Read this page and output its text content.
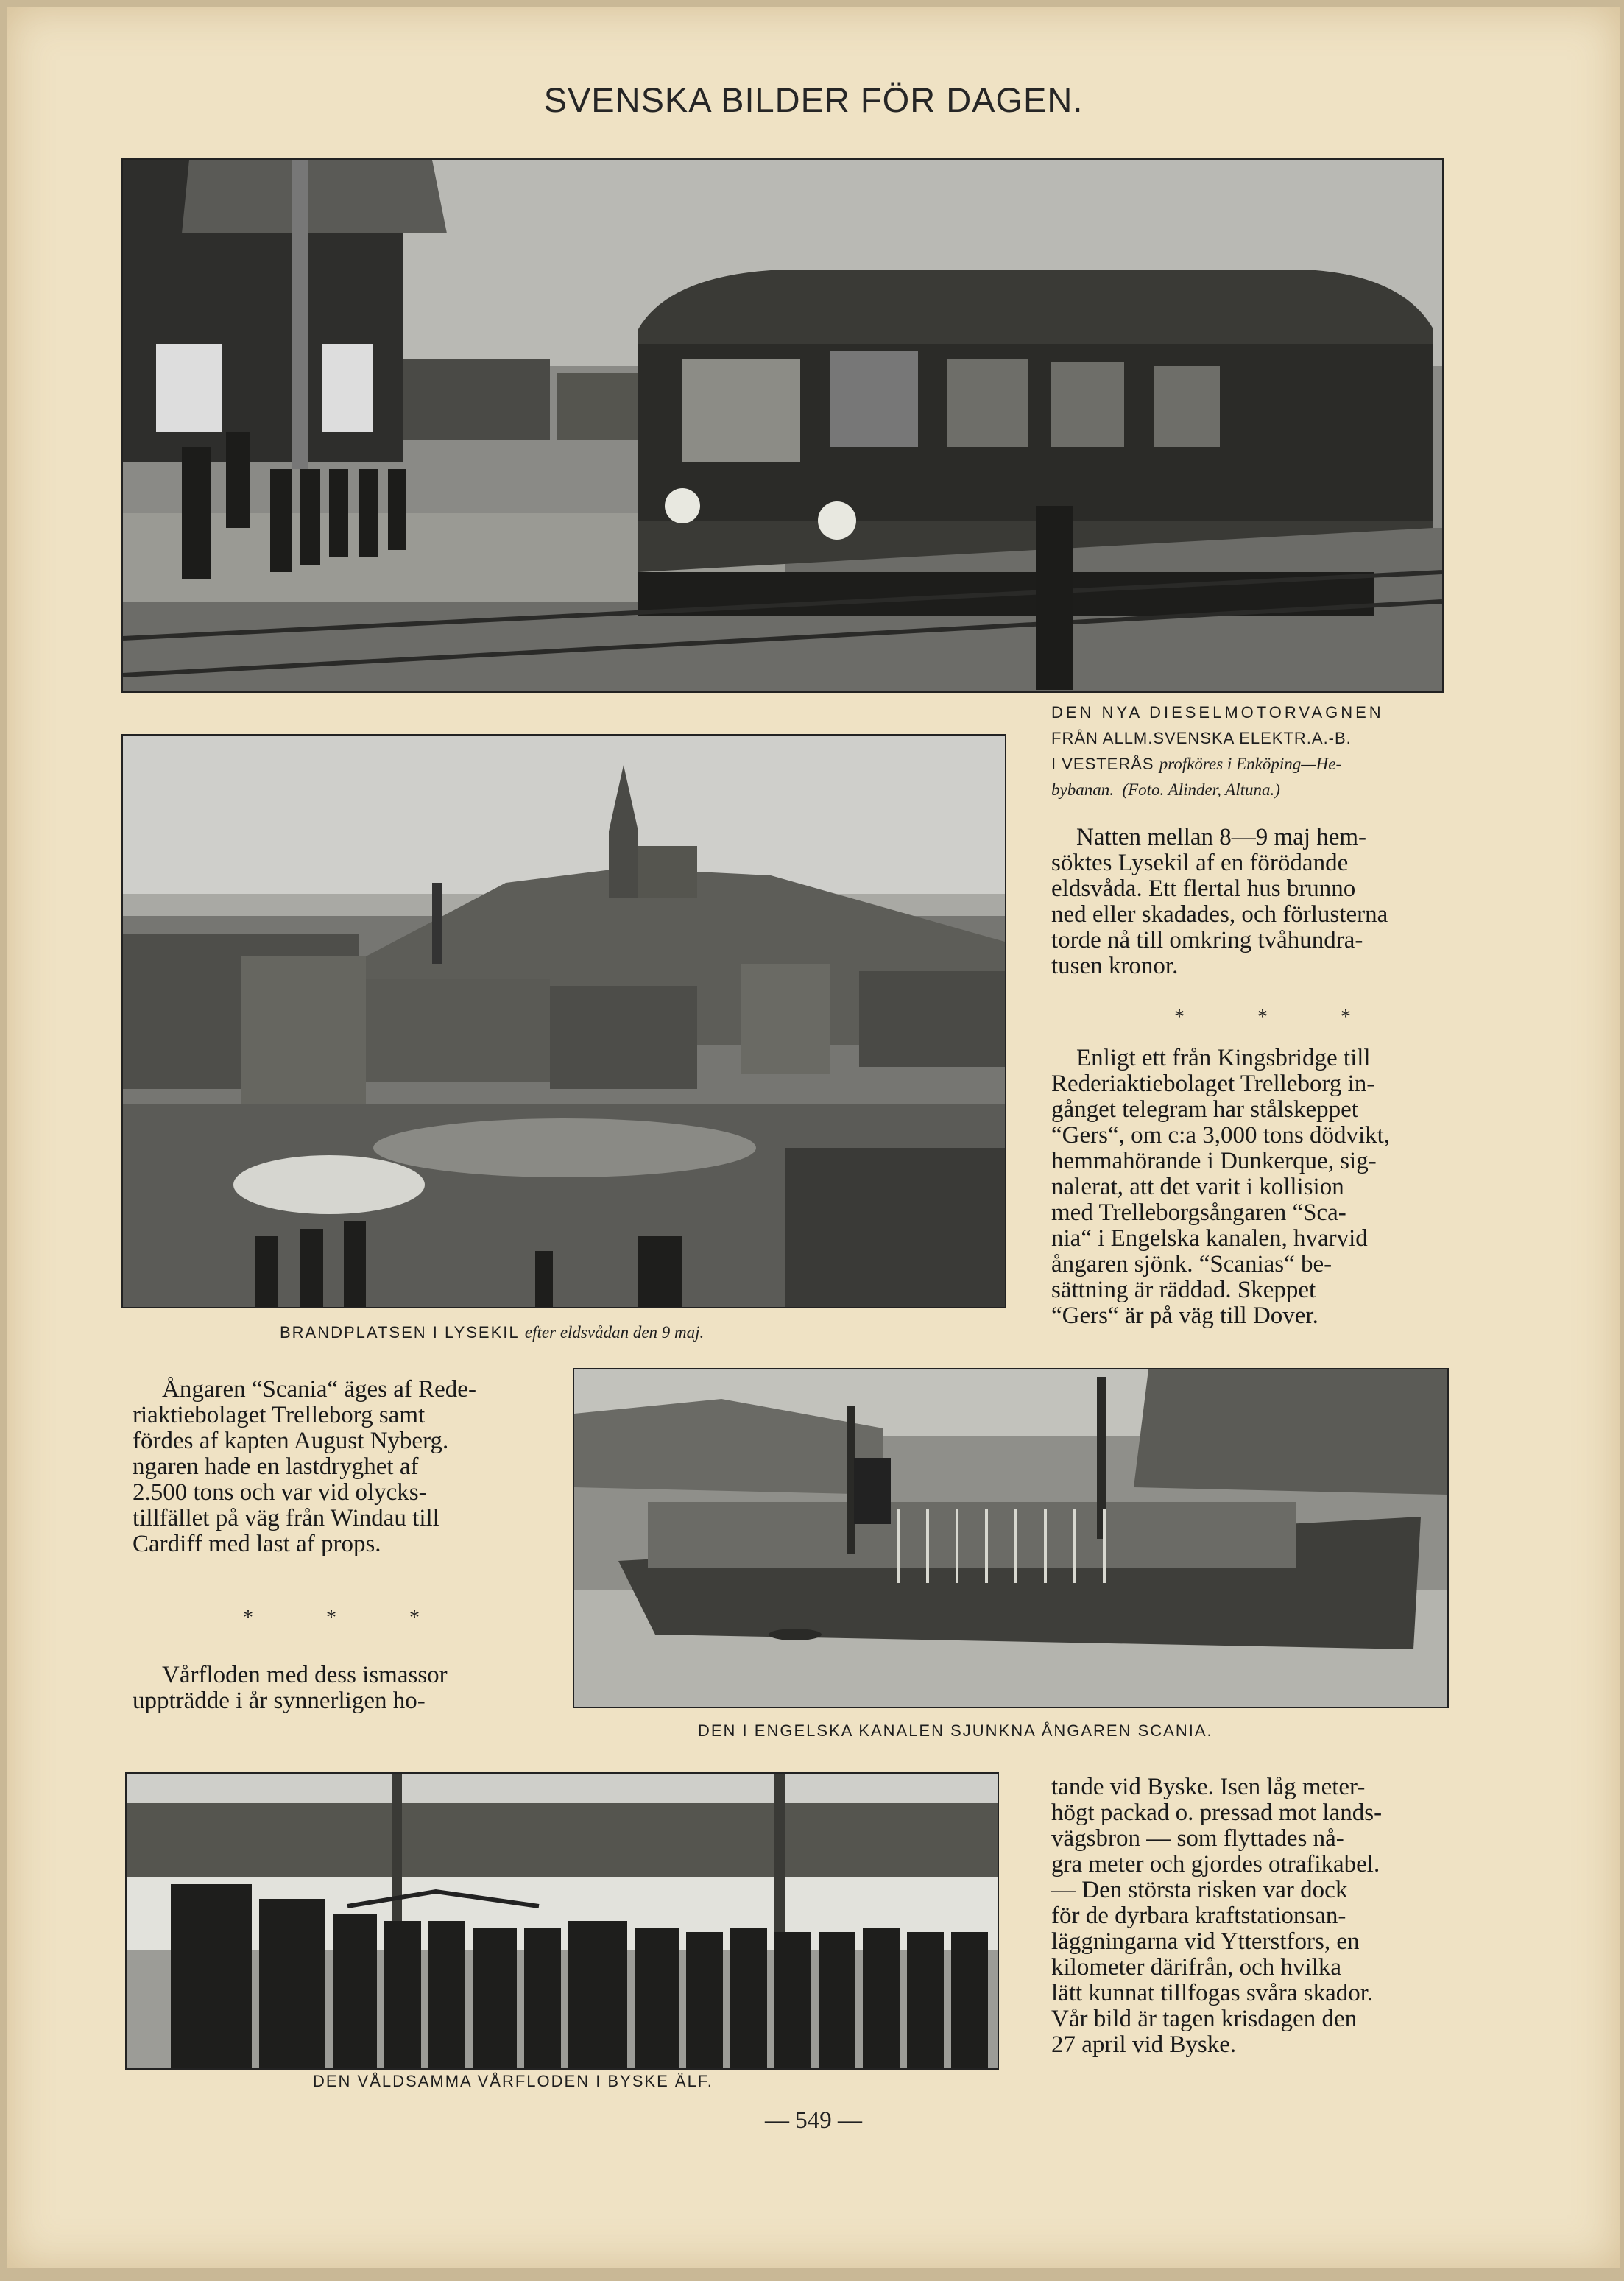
SVENSKA BILDER FÖR DAGEN.
DEN NYA DIESELMOTORVAGNEN
FRÅN ALLM.SVENSKA ELEKTR.A.-B.
I VESTERÅS profköres i Enköping—He-
bybanan.  (Foto. Alinder, Altuna.)
BRANDPLATSEN I LYSEKIL efter eldsvådan den 9 maj.

Natten mellan 8—9 maj hem-

söktes Lysekil af en förödande

eldsvåda. Ett flertal hus brunno

ned eller skadades, och förlusterna

torde nå till omkring tvåhundra-

tusen kronor.

* * *

Enligt ett från Kingsbridge till

Rederiaktiebolaget Trelleborg in-

gånget telegram har stålskeppet

“Gers“, om c:a 3,000 tons dödvikt,

hemmahörande i Dunkerque, sig-

nalerat, att det varit i kollision

med Trelleborgsångaren “Sca-

nia“ i Engelska kanalen, hvarvid

ångaren sjönk. “Scanias“ be-

sättning är räddad. Skeppet

“Gers“ är på väg till Dover.

Ångaren “Scania“ äges af Rede-

riaktiebolaget Trelleborg samt

fördes af kapten August Nyberg.

ngaren hade en lastdryghet af

2.500 tons och var vid olycks-

tillfället på väg från Windau till

Cardiff med last af props.

* * *

Vårfloden med dess ismassor

uppträdde i år synnerligen ho-

DEN I ENGELSKA KANALEN SJUNKNA ÅNGAREN SCANIA.
DEN VÅLDSAMMA VÅRFLODEN I BYSKE ÄLF.

tande vid Byske. Isen låg meter-

högt packad o. pressad mot lands-

vägsbron — som flyttades nå-

gra meter och gjordes otrafikabel.

— Den största risken var dock

för de dyrbara kraftstationsan-

läggningarna vid Ytterstfors, en

kilometer därifrån, och hvilka

lätt kunnat tillfogas svåra skador.

Vår bild är tagen krisdagen den

27 april vid Byske.

— 549 —
